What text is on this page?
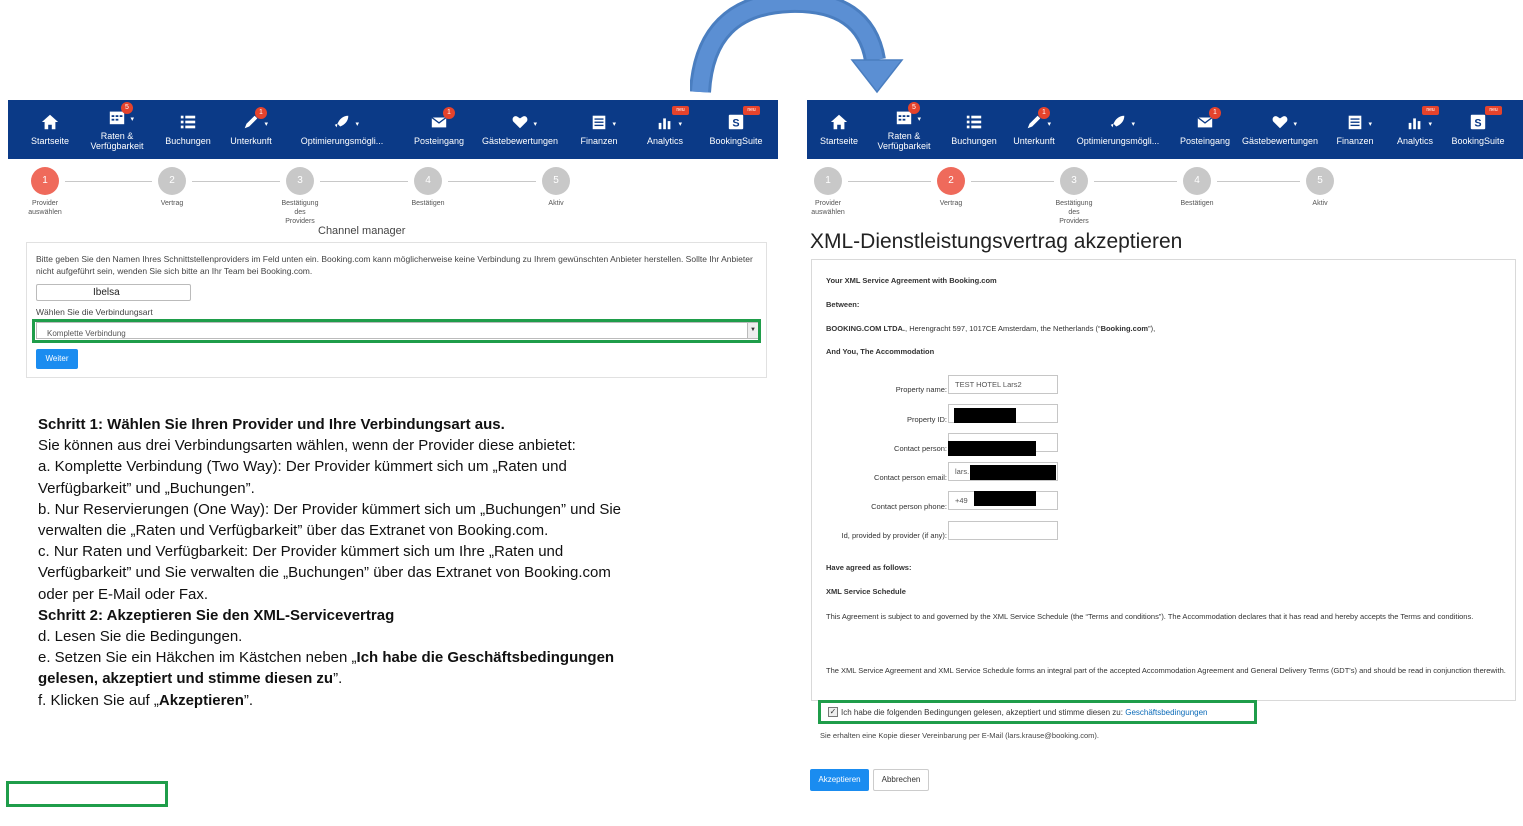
Startseite
5
▾
Raten &
Verfügbarkeit Buchungen
1
▾
Unterkunft
▾
Optimierungsmögli...
1
Posteingang
▾
Gästebewertungen
▾
Finanzen
neu
▾
Analytics
S
neu
BookingSuite	Startseite
5
▾
Raten &
Verfügbarkeit Buchungen
1
▾
Unterkunft
▾
Optimierungsmögli...
1
Posteingang
▾
Gästebewertungen
▾
Finanzen
neu
▾
Analytics
S
neu
BookingSuite
1
Provider
auswählen
2
Vertrag
3
Bestätigung
des
Providers
4
Bestätigen
5
Aktiv
1
Provider
auswählen
2
Vertrag
3
Bestätigung
des
Providers
4
Bestätigen
5
Aktiv
Channel manager
Bitte geben Sie den Namen Ihres Schnittstellenproviders im Feld unten ein. Booking.com kann möglicherweise keine Verbindung zu Ihrem gewünschten Anbieter herstellen. Sollte Ihr Anbieter nicht aufgeführt sein, wenden Sie sich bitte an Ihr Team bei Booking.com.
Ibelsa
Wählen Sie die Verbindungsart
Komplette Verbindung	▼
Weiter
Schritt 1: Wählen Sie Ihren Provider und Ihre Verbindungsart aus.
Sie können aus drei Verbindungsarten wählen, wenn der Provider diese anbietet:
a. Komplette Verbindung (Two Way): Der Provider kümmert sich um „Raten und Verfügbarkeit” und „Buchungen”.
b. Nur Reservierungen (One Way): Der Provider kümmert sich um „Buchungen” und Sie verwalten die „Raten und Verfügbarkeit” über das Extranet von Booking.com.
c. Nur Raten und Verfügbarkeit: Der Provider kümmert sich um Ihre „Raten und Verfügbarkeit” und Sie verwalten die „Buchungen” über das Extranet von Booking.com oder per E-Mail oder Fax.
Schritt 2: Akzeptieren Sie den XML-Servicevertrag
d. Lesen Sie die Bedingungen.
e. Setzen Sie ein Häkchen im Kästchen neben „Ich habe die Geschäftsbedingungen gelesen, akzeptiert und stimme diesen zu”.
f. Klicken Sie auf „Akzeptieren”.
XML-Dienstleistungsvertrag akzeptieren
Your XML Service Agreement with Booking.com
Between:
BOOKING.COM LTDA., Herengracht 597, 1017CE Amsterdam, the Netherlands (“Booking.com”),
And You, The Accommodation
Property name:
TEST HOTEL Lars2
Property ID:
Contact person:
Contact person email:
lars.
Contact person phone:
+49
Id, provided by provider (if any):
Have agreed as follows:
XML Service Schedule
This Agreement is subject to and governed by the XML Service Schedule (the “Terms and conditions”). The Accommodation declares that it has read and hereby accepts the Terms and conditions.
The XML Service Agreement and XML Service Schedule forms an integral part of the accepted Accommodation Agreement and General Delivery Terms (GDT's) and should be read in conjunction therewith.
✓ Ich habe die folgenden Bedingungen gelesen, akzeptiert und stimme diesen zu:
Geschäftsbedingungen
Sie erhalten eine Kopie dieser Vereinbarung per E-Mail (lars.krause@booking.com).
Akzeptieren	Abbrechen
